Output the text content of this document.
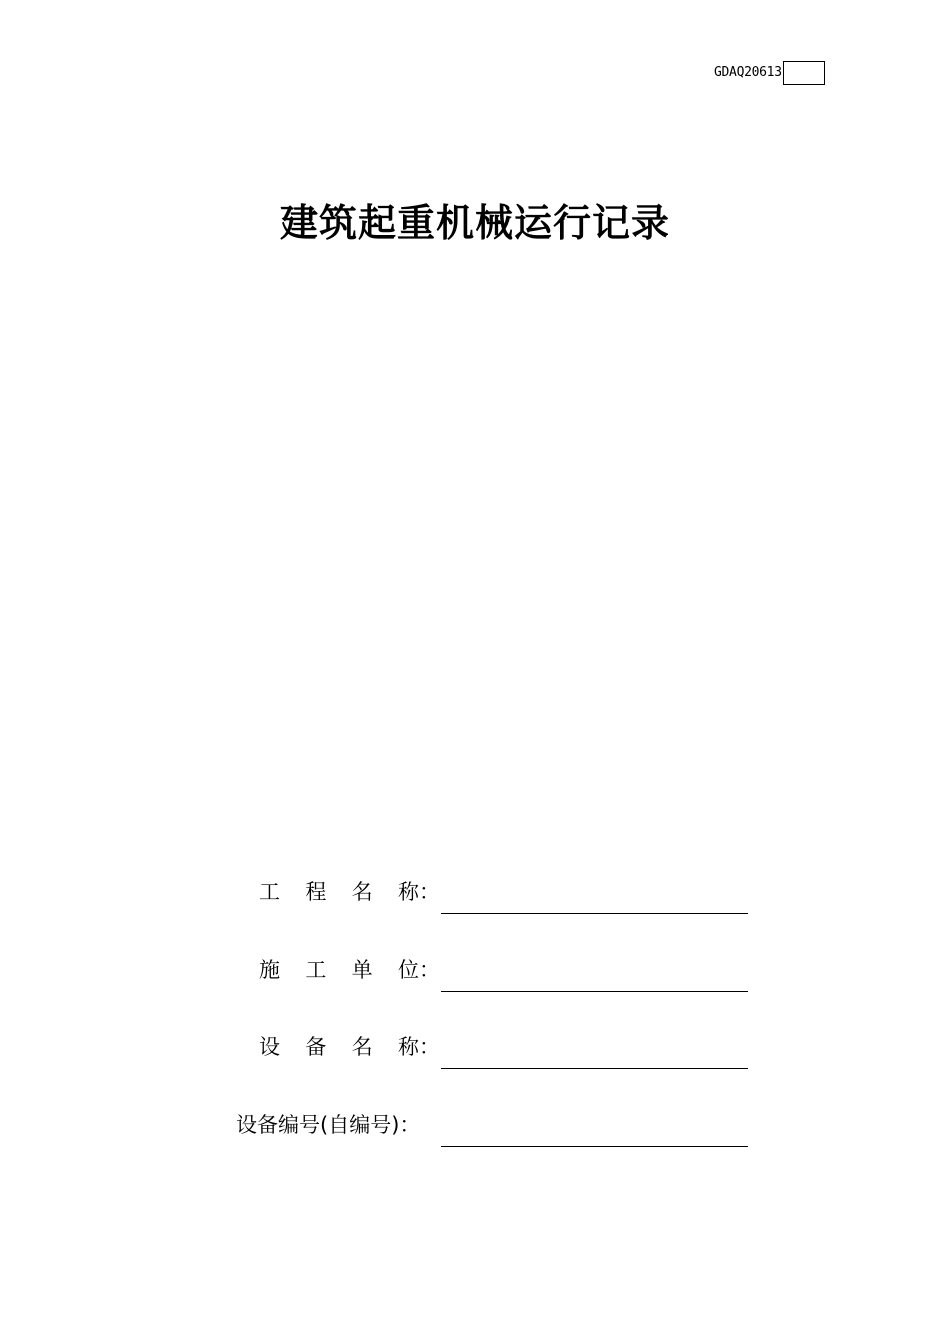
GDAQ20613
建筑起重机械运行记录
工 程 名 称：
施 工 单 位：
设 备 名 称：
设备编号(自编号)：
